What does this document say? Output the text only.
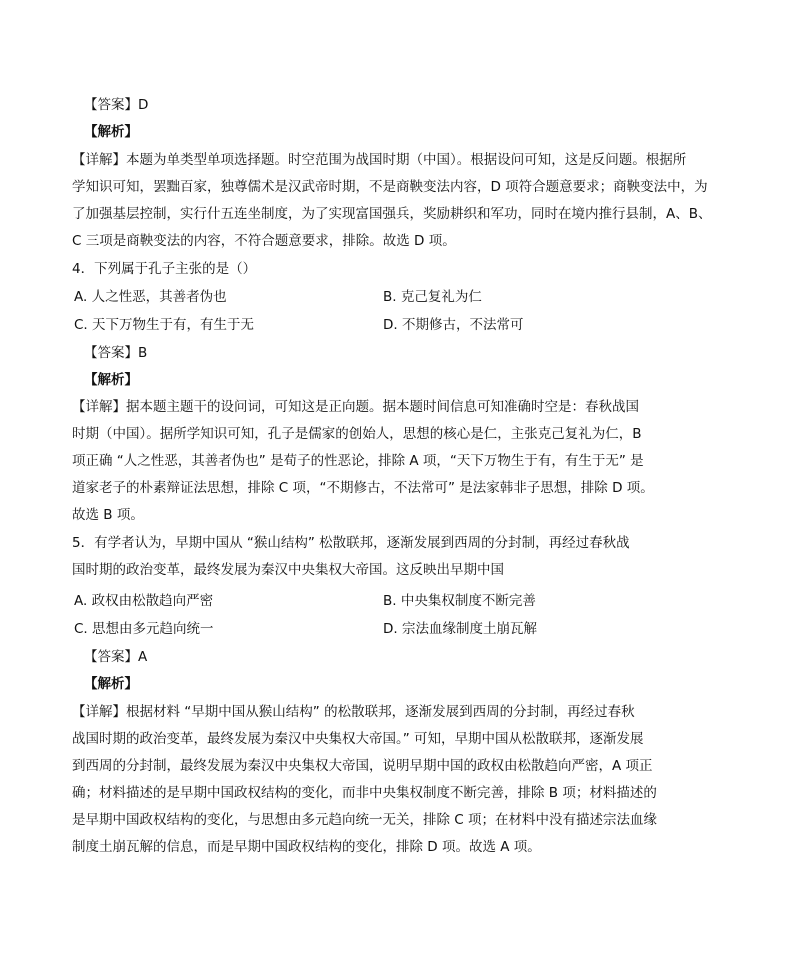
【答案】D

【解析】

【详解】本题为单类型单项选择题。时空范围为战国时期（中国）。根据设问可知，这是反问题。根据所

学知识可知，罢黜百家，独尊儒术是汉武帝时期，不是商鞅变法内容，D 项符合题意要求；商鞅变法中，为

了加强基层控制，实行什五连坐制度，为了实现富国强兵，奖励耕织和军功，同时在境内推行县制，A、B、

C 三项是商鞅变法的内容，不符合题意要求，排除。故选 D 项。

4．下列属于孔子主张的是（）

A. 人之性恶，其善者伪也	B. 克己复礼为仁

C. 天下万物生于有，有生于无	D. 不期修古，不法常可

【答案】B

【解析】

【详解】据本题主题干的设问词，可知这是正向题。据本题时间信息可知准确时空是：春秋战国

时期（中国）。据所学知识可知，孔子是儒家的创始人，思想的核心是仁，主张克己复礼为仁，B

项正确 “人之性恶，其善者伪也” 是荀子的性恶论，排除 A 项，“天下万物生于有，有生于无” 是

道家老子的朴素辩证法思想，排除 C 项，“不期修古，不法常可” 是法家韩非子思想，排除 D 项。

故选 B 项。

5．有学者认为，早期中国从 “猴山结构” 松散联邦，逐渐发展到西周的分封制，再经过春秋战

国时期的政治变革，最终发展为秦汉中央集权大帝国。这反映出早期中国

A. 政权由松散趋向严密	B. 中央集权制度不断完善

C. 思想由多元趋向统一	D. 宗法血缘制度土崩瓦解

【答案】A

【解析】

【详解】根据材料 “早期中国从猴山结构” 的松散联邦，逐渐发展到西周的分封制，再经过春秋

战国时期的政治变革，最终发展为秦汉中央集权大帝国。” 可知，早期中国从松散联邦，逐渐发展

到西周的分封制，最终发展为秦汉中央集权大帝国，说明早期中国的政权由松散趋向严密，A 项正

确；材料描述的是早期中国政权结构的变化，而非中央集权制度不断完善，排除 B 项；材料描述的

是早期中国政权结构的变化，与思想由多元趋向统一无关，排除 C 项；在材料中没有描述宗法血缘

制度土崩瓦解的信息，而是早期中国政权结构的变化，排除 D 项。故选 A 项。
